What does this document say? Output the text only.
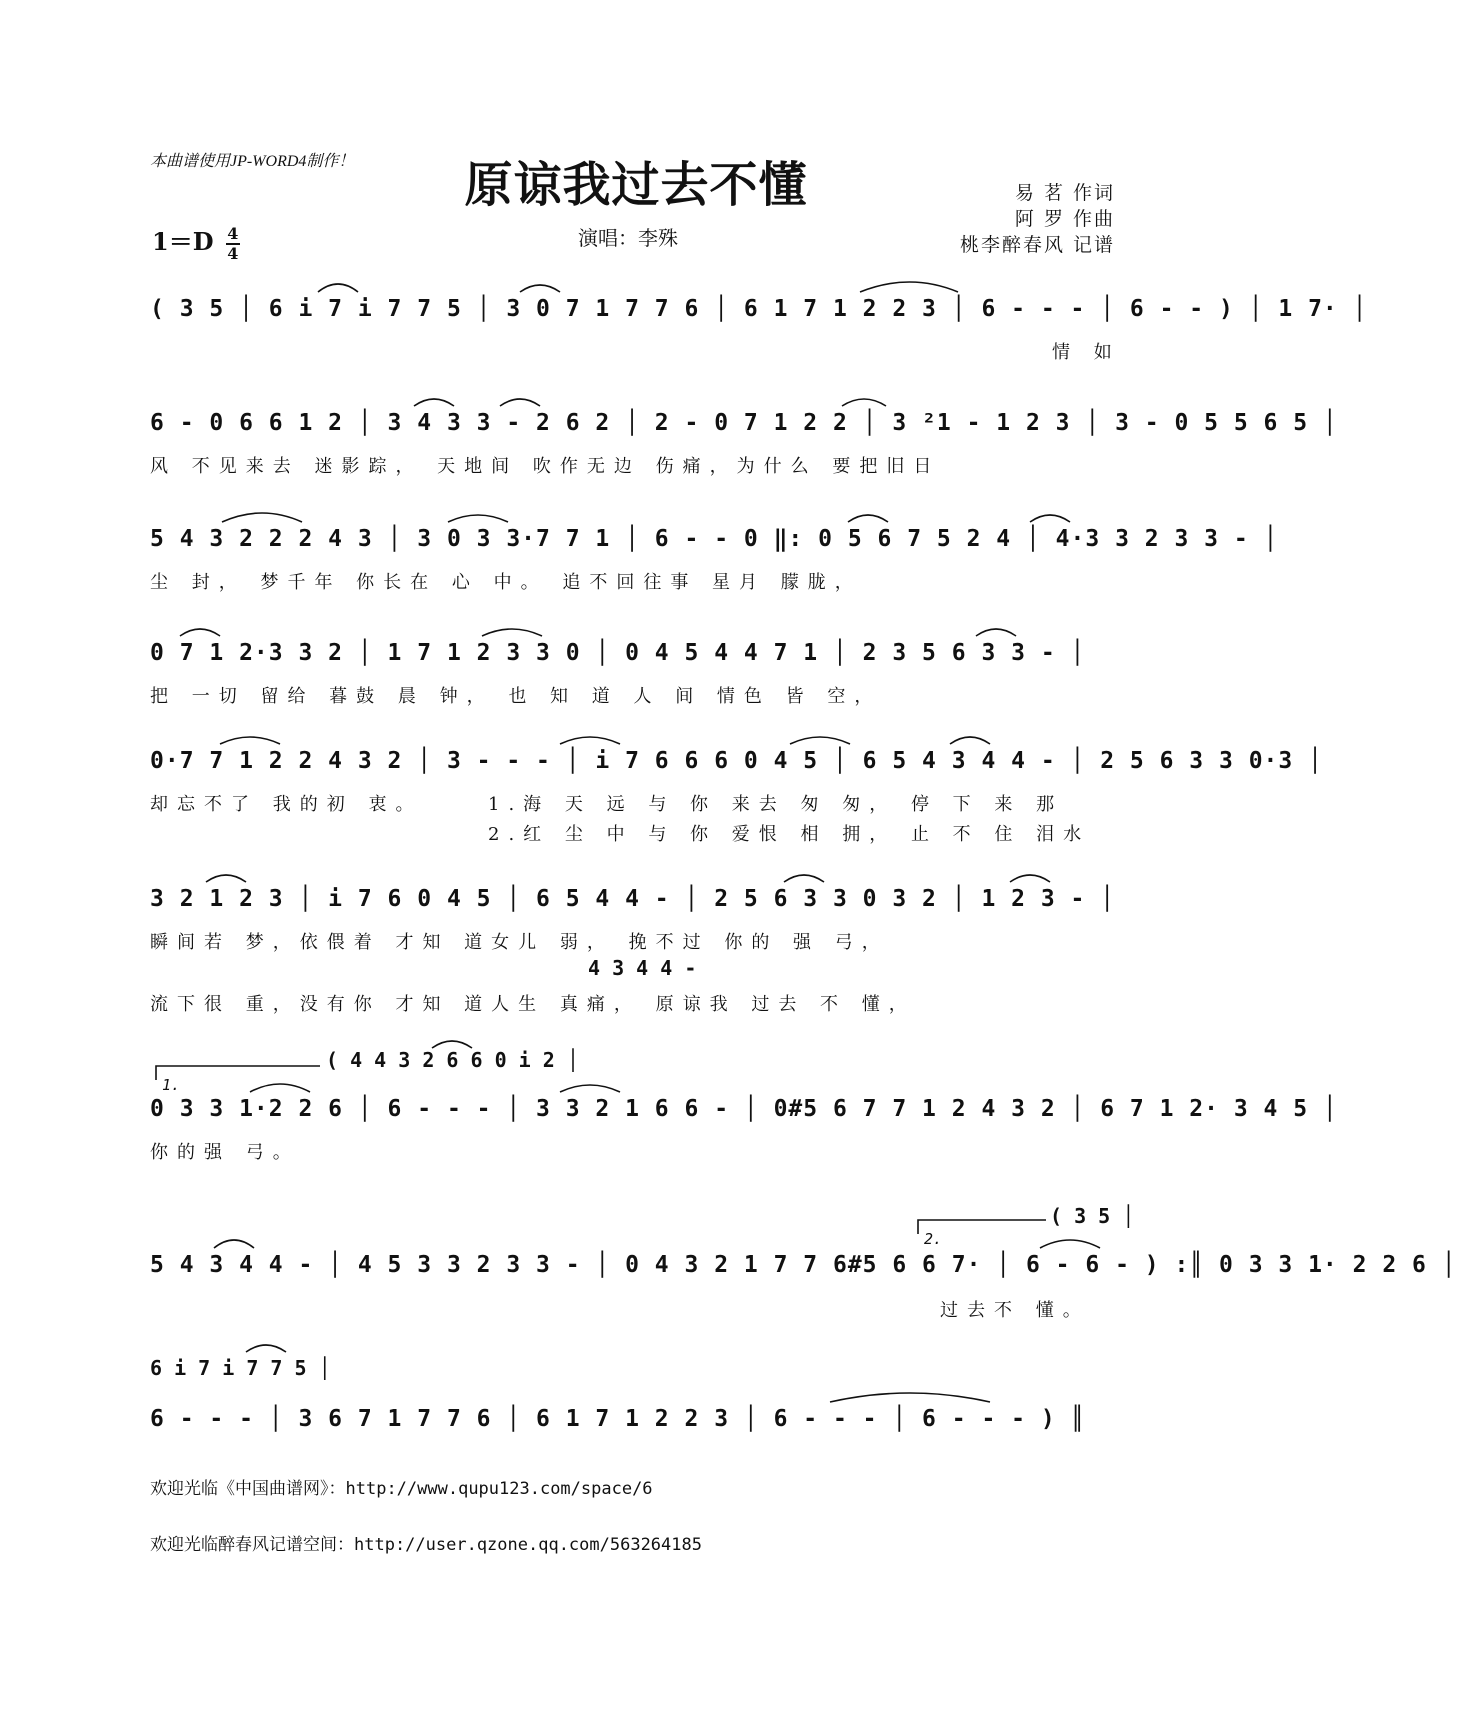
本曲谱使用JP-WORD4制作！	原谅我过去不懂
$1=D \frac{4}{4}$	演唱：李殊
易 茗 作词
阿 罗 作曲
桃李醉春风 记谱
( 3 5 │ 6 i 7 i 7 7 5 │ 3 0 7 1 7 7 6 │ 6 1 7 1 2 2 3 │ 6 - - - │ 6 - - ) │ 1 7· │
情 如
6 - 0 6 6 1 2 │ 3 4 3 3 - 2 6 2 │ 2 - 0 7 1 2 2 │ 3 ²1 - 1 2 3 │ 3 - 0 5 5 6 5 │
风 不见来去 迷影踪， 天地间 吹作无边 伤痛，为什么 要把旧日
5 4 3 2 2 2 4 3 │ 3 0 3 3·7 7 1 │ 6 - - 0 ‖: 0 5 6 7 5 2 4 │ 4·3 3 2 3 3 - │
尘 封， 梦千年 你长在 心 中。 追不回往事 星月 朦胧，
0 7 1 2·3 3 2 │ 1 7 1 2 3 3 0 │ 0 4 5 4 4 7 1 │ 2 3 5 6 3 3 - │
把 一切 留给 暮鼓 晨 钟， 也 知 道 人 间 情色 皆 空，
0·7 7 1 2 2 4 3 2 │ 3 - - - │ i 7 6 6 6 0 4 5 │ 6 5 4 3 4 4 - │ 2 5 6 3 3 0·3 │
却忘不了 我的初 衷。	1.海 天 远 与 你 来去 匆 匆， 停 下 来 那
2.红 尘 中 与 你 爱恨 相 拥， 止 不 住 泪水
3 2 1 2 3 │ i 7 6 0 4 5 │ 6 5 4 4 - │ 2 5 6 3 3 0 3 2 │ 1 2 3 - │
瞬间若 梦，依偎着 才知 道女儿 弱， 挽不过 你的 强 弓，
4 3 4 4 -
流下很 重，没有你 才知 道人生 真痛， 原谅我 过去 不 懂，
1.
( 4 4 3 2 6 6 0 i 2 │
0 3 3 1·2 2 6 │ 6 - - - │ 3 3 2 1 6 6 - │ 0#5 6 7 7 1 2 4 3 2 │ 6 7 1 2· 3 4 5 │
你的强 弓。
2.
( 3 5 │
5 4 3 4 4 - │ 4 5 3 3 2 3 3 - │ 0 4 3 2 1 7 7 6#5 6 6 7· │ 6 - 6 - ) :║ 0 3 3 1· 2 2 6 │
过去不 懂。
6 i 7 i 7 7 5 │
6 - - - │ 3 6 7 1 7 7 6 │ 6 1 7 1 2 2 3 │ 6 - - - │ 6 - - - ) ║
欢迎光临《中国曲谱网》：http://www.qupu123.com/space/6
欢迎光临醉春风记谱空间：http://user.qzone.qq.com/563264185
